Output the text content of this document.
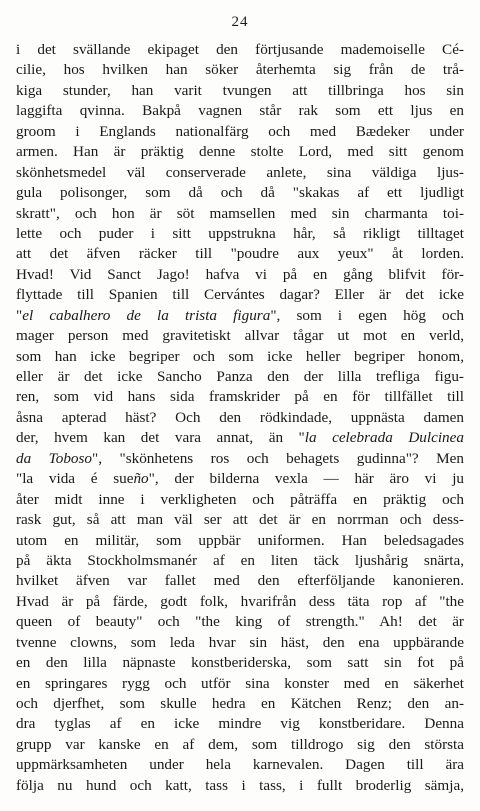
24
i det svällande ekipaget den förtjusande mademoiselle Cé-
cilie, hos hvilken han söker återhemta sig från de trå-
kiga stunder, han varit tvungen att tillbringa hos sin
laggifta qvinna. Bakpå vagnen står rak som ett ljus en
groom i Englands nationalfärg och med Bædeker under
armen. Han är präktig denne stolte Lord, med sitt genom
skönhetsmedel väl conserverade anlete, sina väldiga ljus-
gula polisonger, som då och då "skakas af ett ljudligt
skratt", och hon är söt mamsellen med sin charmanta toi-
lette och puder i sitt uppstrukna hår, så rikligt tilltaget
att det äfven räcker till "poudre aux yeux" åt lorden.
Hvad! Vid Sanct Jago! hafva vi på en gång blifvit för-
flyttade till Spanien till Cervántes dagar? Eller är det icke
"el cabalhero de la trista figura", som i egen hög och
mager person med gravitetiskt allvar tågar ut mot en verld,
som han icke begriper och som icke heller begriper honom,
eller är det icke Sancho Panza den der lilla trefliga figu-
ren, som vid hans sida framskrider på en för tillfället till
åsna apterad häst? Och den rödkindade, uppnästa damen
der, hvem kan det vara annat, än "la celebrada Dulcinea
da Toboso", "skönhetens ros och behagets gudinna"? Men
"la vida é sueño", der bilderna vexla — här äro vi ju
åter midt inne i verkligheten och påträffa en präktig och
rask gut, så att man väl ser att det är en norrman och dess-
utom en militär, som uppbär uniformen. Han beledsagades
på äkta Stockholmsmanér af en liten täck ljushårig snärta,
hvilket äfven var fallet med den efterföljande kanonieren.
Hvad är på färde, godt folk, hvarifrån dess täta rop af "the
queen of beauty" och "the king of strength." Ah! det är
tvenne clowns, som leda hvar sin häst, den ena uppbärande
en den lilla näpnaste konstberiderska, som satt sin fot på
en springares rygg och utför sina konster med en säkerhet
och djerfhet, som skulle hedra en Kätchen Renz; den an-
dra tyglas af en icke mindre vig konstberidare. Denna
grupp var kanske en af dem, som tilldrogo sig den största
uppmärksamheten under hela karnevalen. Dagen till ära
följa nu hund och katt, tass i tass, i fullt broderlig sämja,
